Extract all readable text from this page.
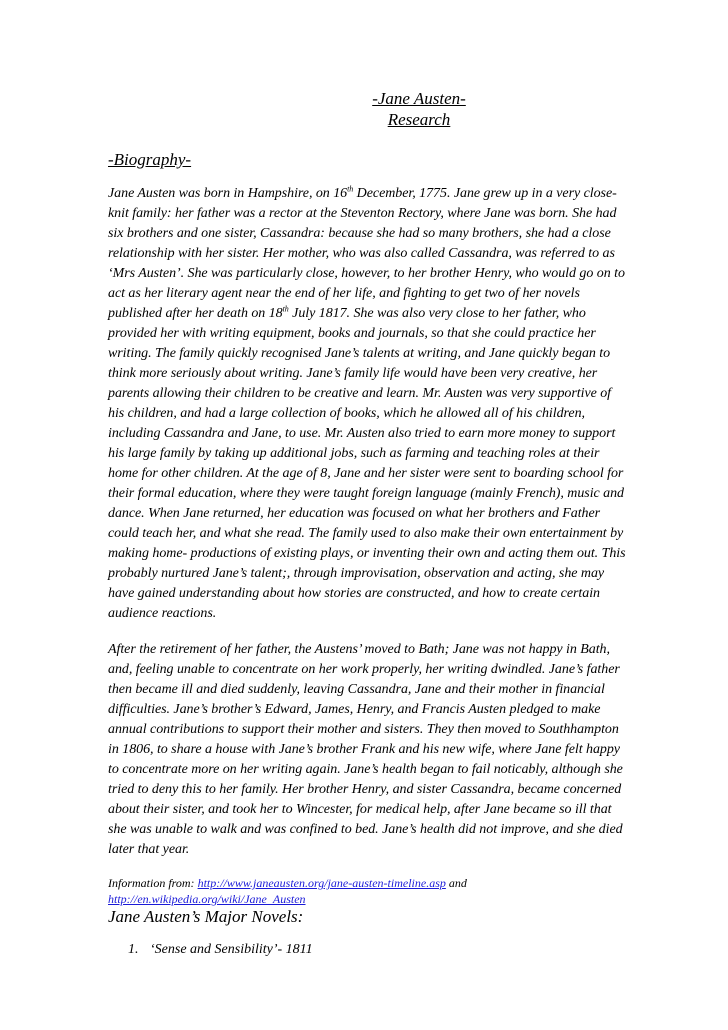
-Jane Austen-
Research
-Biography-
Jane Austen was born in Hampshire, on 16th December, 1775. Jane grew up in a very close-knit family: her father was a rector at the Steventon Rectory, where Jane was born. She had six brothers and one sister, Cassandra: because she had so many brothers, she had a close relationship with her sister. Her mother, who was also called Cassandra, was referred to as ‘Mrs Austen’. She was particularly close, however, to her brother Henry, who would go on to act as her literary agent near the end of her life, and fighting to get two of her novels published after her death on 18th July 1817. She was also very close to her father, who provided her with writing equipment, books and journals, so that she could practice her writing. The family quickly recognised Jane’s talents at writing, and Jane quickly began to think more seriously about writing. Jane’s family life would have been very creative, her parents allowing their children to be creative and learn. Mr. Austen was very supportive of his children, and had a large collection of books, which he allowed all of his children, including Cassandra and Jane, to use. Mr. Austen also tried to earn more money to support his large family by taking up additional jobs, such as farming and teaching roles at their home for other children. At the age of 8, Jane and her sister were sent to boarding school for their formal education, where they were taught foreign language (mainly French), music and dance. When Jane returned, her education was focused on what her brothers and Father could teach her, and what she read. The family used to also make their own entertainment by making home- productions of existing plays, or inventing their own and acting them out. This probably nurtured Jane’s talent;, through improvisation, observation and acting, she may have gained understanding about how stories are constructed, and how to create certain audience reactions.
After the retirement of her father, the Austens’ moved to Bath; Jane was not happy in Bath, and, feeling unable to concentrate on her work properly, her writing dwindled. Jane’s father then became ill and died suddenly, leaving Cassandra, Jane and their mother in financial difficulties. Jane’s brother’s Edward, James, Henry, and Francis Austen pledged to make annual contributions to support their mother and sisters. They then moved to Southhampton in 1806, to share a house with Jane’s brother Frank and his new wife, where Jane felt happy to concentrate more on her writing again. Jane’s health began to fail noticably, although she tried to deny this to her family. Her brother Henry, and sister Cassandra, became concerned about their sister, and took her to Wincester, for medical help, after Jane became so ill that she was unable to walk and was confined to bed. Jane’s health did not improve, and she died later that year.
Information from: http://www.janeausten.org/jane-austen-timeline.asp and
http://en.wikipedia.org/wiki/Jane_Austen
Jane Austen’s Major Novels:
1. ‘Sense and Sensibility’- 1811
